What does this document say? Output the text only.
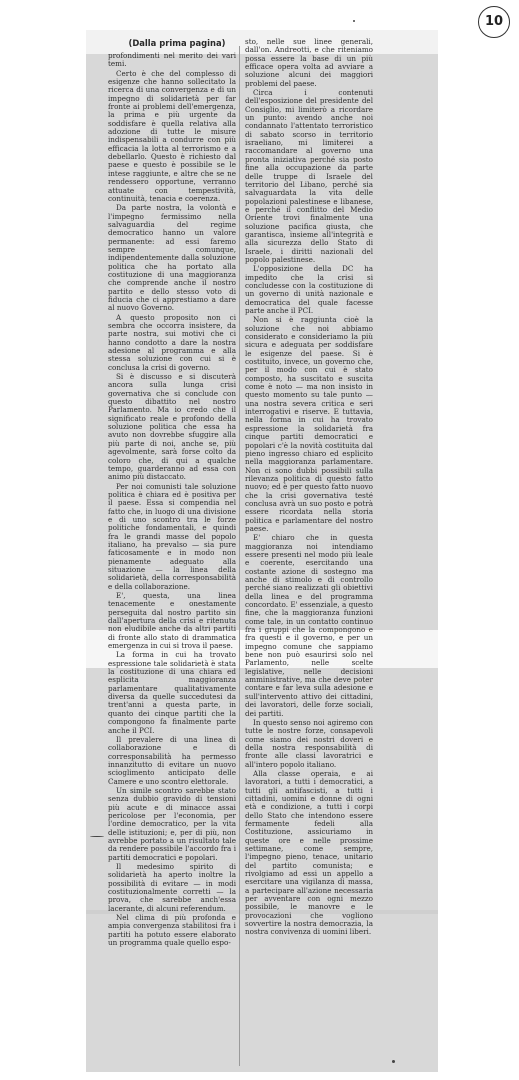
10
(Dalla prima pagina)

profondimenti nel merito dei vari temi.

Certo è che del complesso di esigenze che hanno sollecitato la ricerca di una convergenza e di un impegno di solidarietà per far fronte ai problemi dell'emergenza, la prima e più urgente da soddisfare è quella relativa alla adozione di tutte le misure indispensabili a condurre con più efficacia la lotta al terrorismo e a debellarlo. Questo è richiesto dal paese e questo è possibile se le intese raggiunte, e altre che se ne rendessero opportune, verranno attuate con tempestività, continuità, tenacia e coerenza.

Da parte nostra, la volontà e l'impegno fermissimo nella salvaguardia del regime democratico hanno un valore permanente: ad essi faremo sempre comunque, indipendentemente dalla soluzione politica che ha portato alla costituzione di una maggioranza che comprende anche il nostro partito e dello stesso voto di fiducia che ci apprestiamo a dare al nuovo Governo.

A questo proposito non ci sembra che occorra insistere, da parte nostra, sui motivi che ci hanno condotto a dare la nostra adesione al programma e alla stessa soluzione con cui si è conclusa la crisi di governo.

Si è discusso e si discuterà ancora sulla lunga crisi governativa che si conclude con questo dibattito nel nostro Parlamento. Ma io credo che il significato reale e profondo della soluzione politica che essa ha avuto non dovrebbe sfuggire alla più parte di noi, anche se, più agevolmente, sarà forse colto da coloro che, di qui a qualche tempo, guarderanno ad essa con animo più distaccato.

Per noi comunisti tale soluzione politica è chiara ed è positiva per il paese. Essa si compendia nel fatto che, in luogo di una divisione e di uno scontro tra le forze politiche fondamentali, e quindi fra le grandi masse del popolo italiano, ha prevalso — sia pure faticosamente e in modo non pienamente adeguato alla situazione — la linea della solidarietà, della corresponsabilità e della collaborazione.

E', questa, una linea tenacemente e onestamente perseguita dal nostro partito sin dall'apertura della crisi e ritenuta non eludibile anche da altri partiti di fronte allo stato di drammatica emergenza in cui si trova il paese.

La forma in cui ha trovato espressione tale solidarietà è stata la costituzione di una chiara ed esplicita maggioranza parlamentare qualitativamente diversa da quelle succedutesi da trent'anni a questa parte, in quanto dei cinque partiti che la compongono fa finalmente parte anche il PCI.

Il prevalere di una linea di collaborazione e di corresponsabilità ha permesso innanzitutto di evitare un nuovo scioglimento anticipato delle Camere e uno scontro elettorale.

Un simile scontro sarebbe stato senza dubbio gravido di tensioni più acute e di minacce assai pericolose per l'economia, per l'ordine democratico, per la vita delle istituzioni; e, per di più, non avrebbe portato a un risultato tale da rendere possibile l'accordo fra i partiti democratici e popolari.

Il medesimo spirito di solidarietà ha aperto inoltre la possibilità di evitare — in modi costituzionalmente corretti — la prova, che sarebbe anch'essa lacerante, di alcuni referendum.

Nel clima di più profonda e ampia convergenza stabilitosi fra i partiti ha potuto essere elaborato un programma quale quello espo-

sto, nelle sue linee generali, dall'on. Andreotti, e che riteniamo possa essere la base di un più efficace opera volta ad avviare a soluzione alcuni dei maggiori problemi del paese.

Circa i contenuti dell'esposizione del presidente del Consiglio, mi limiterò a ricordare un punto: avendo anche noi condannato l'attentato terroristico di sabato scorso in territorio israeliano, mi limiterei a raccomandare al governo una pronta iniziativa perché sia posto fine alla occupazione da parte delle truppe di Israele del territorio del Libano, perché sia salvaguardata la vita delle popolazioni palestinese e libanese, e perché il conflitto del Medio Oriente trovi finalmente una soluzione pacifica giusta, che garantisca, insieme all'integrità e alla sicurezza dello Stato di Israele, i diritti nazionali del popolo palestinese.

L'opposizione della DC ha impedito che la crisi si concludesse con la costituzione di un governo di unità nazionale e democratica del quale facesse parte anche il PCI.

Non si è raggiunta cioè la soluzione che noi abbiamo considerato e consideriamo la più sicura e adeguata per soddisfare le esigenze del paese. Si è costituito, invece, un governo che, per il modo con cui è stato composto, ha suscitato e suscita come è noto — ma non insisto in questo momento su tale punto — una nostra severa critica e seri interrogativi e riserve. E tuttavia, nella forma in cui ha trovato espressione la solidarietà fra cinque partiti democratici e popolari c'è la novità costituita dal pieno ingresso chiaro ed esplicito nella maggioranza parlamentare. Non ci sono dubbi possibili sulla rilevanza politica di questo fatto nuovo; ed è per questo fatto nuovo che la crisi governativa testé conclusa avrà un suo posto e potrà essere ricordata nella storia politica e parlamentare del nostro paese.

E' chiaro che in questa maggioranza noi intendiamo essere presenti nel modo più leale e coerente, esercitando una costante azione di sostegno ma anche di stimolo e di controllo perché siano realizzati gli obiettivi della linea e del programma concordato. E' essenziale, a questo fine, che la maggioranza funzioni come tale, in un contatto continuo fra i gruppi che la compongono e fra questi e il governo, e per un impegno comune che sappiamo bene non può esaurirsi solo nel Parlamento, nelle scelte legislative, nelle decisioni amministrative, ma che deve poter contare e far leva sulla adesione e sull'intervento attivo dei cittadini, dei lavoratori, delle forze sociali, dei partiti.

In questo senso noi agiremo con tutte le nostre forze, consapevoli come siamo dei nostri doveri e della nostra responsabilità di fronte alle classi lavoratrici e all'intero popolo italiano.

Alla classe operaia, e ai lavoratori, a tutti i democratici, a tutti gli antifascisti, a tutti i cittadini, uomini e donne di ogni età e condizione, a tutti i corpi dello Stato che intendono essere fermamente fedeli alla Costituzione, assicuriamo in queste ore e nelle prossime settimane, come sempre, l'impegno pieno, tenace, unitario del partito comunista; e rivolgiamo ad essi un appello a esercitare una vigilanza di massa, a partecipare all'azione necessaria per avventare con ogni mezzo possibile, le manovre e le provocazioni che vogliono sovvertire la nostra democrazia, la nostra convivenza di uomini liberi.
